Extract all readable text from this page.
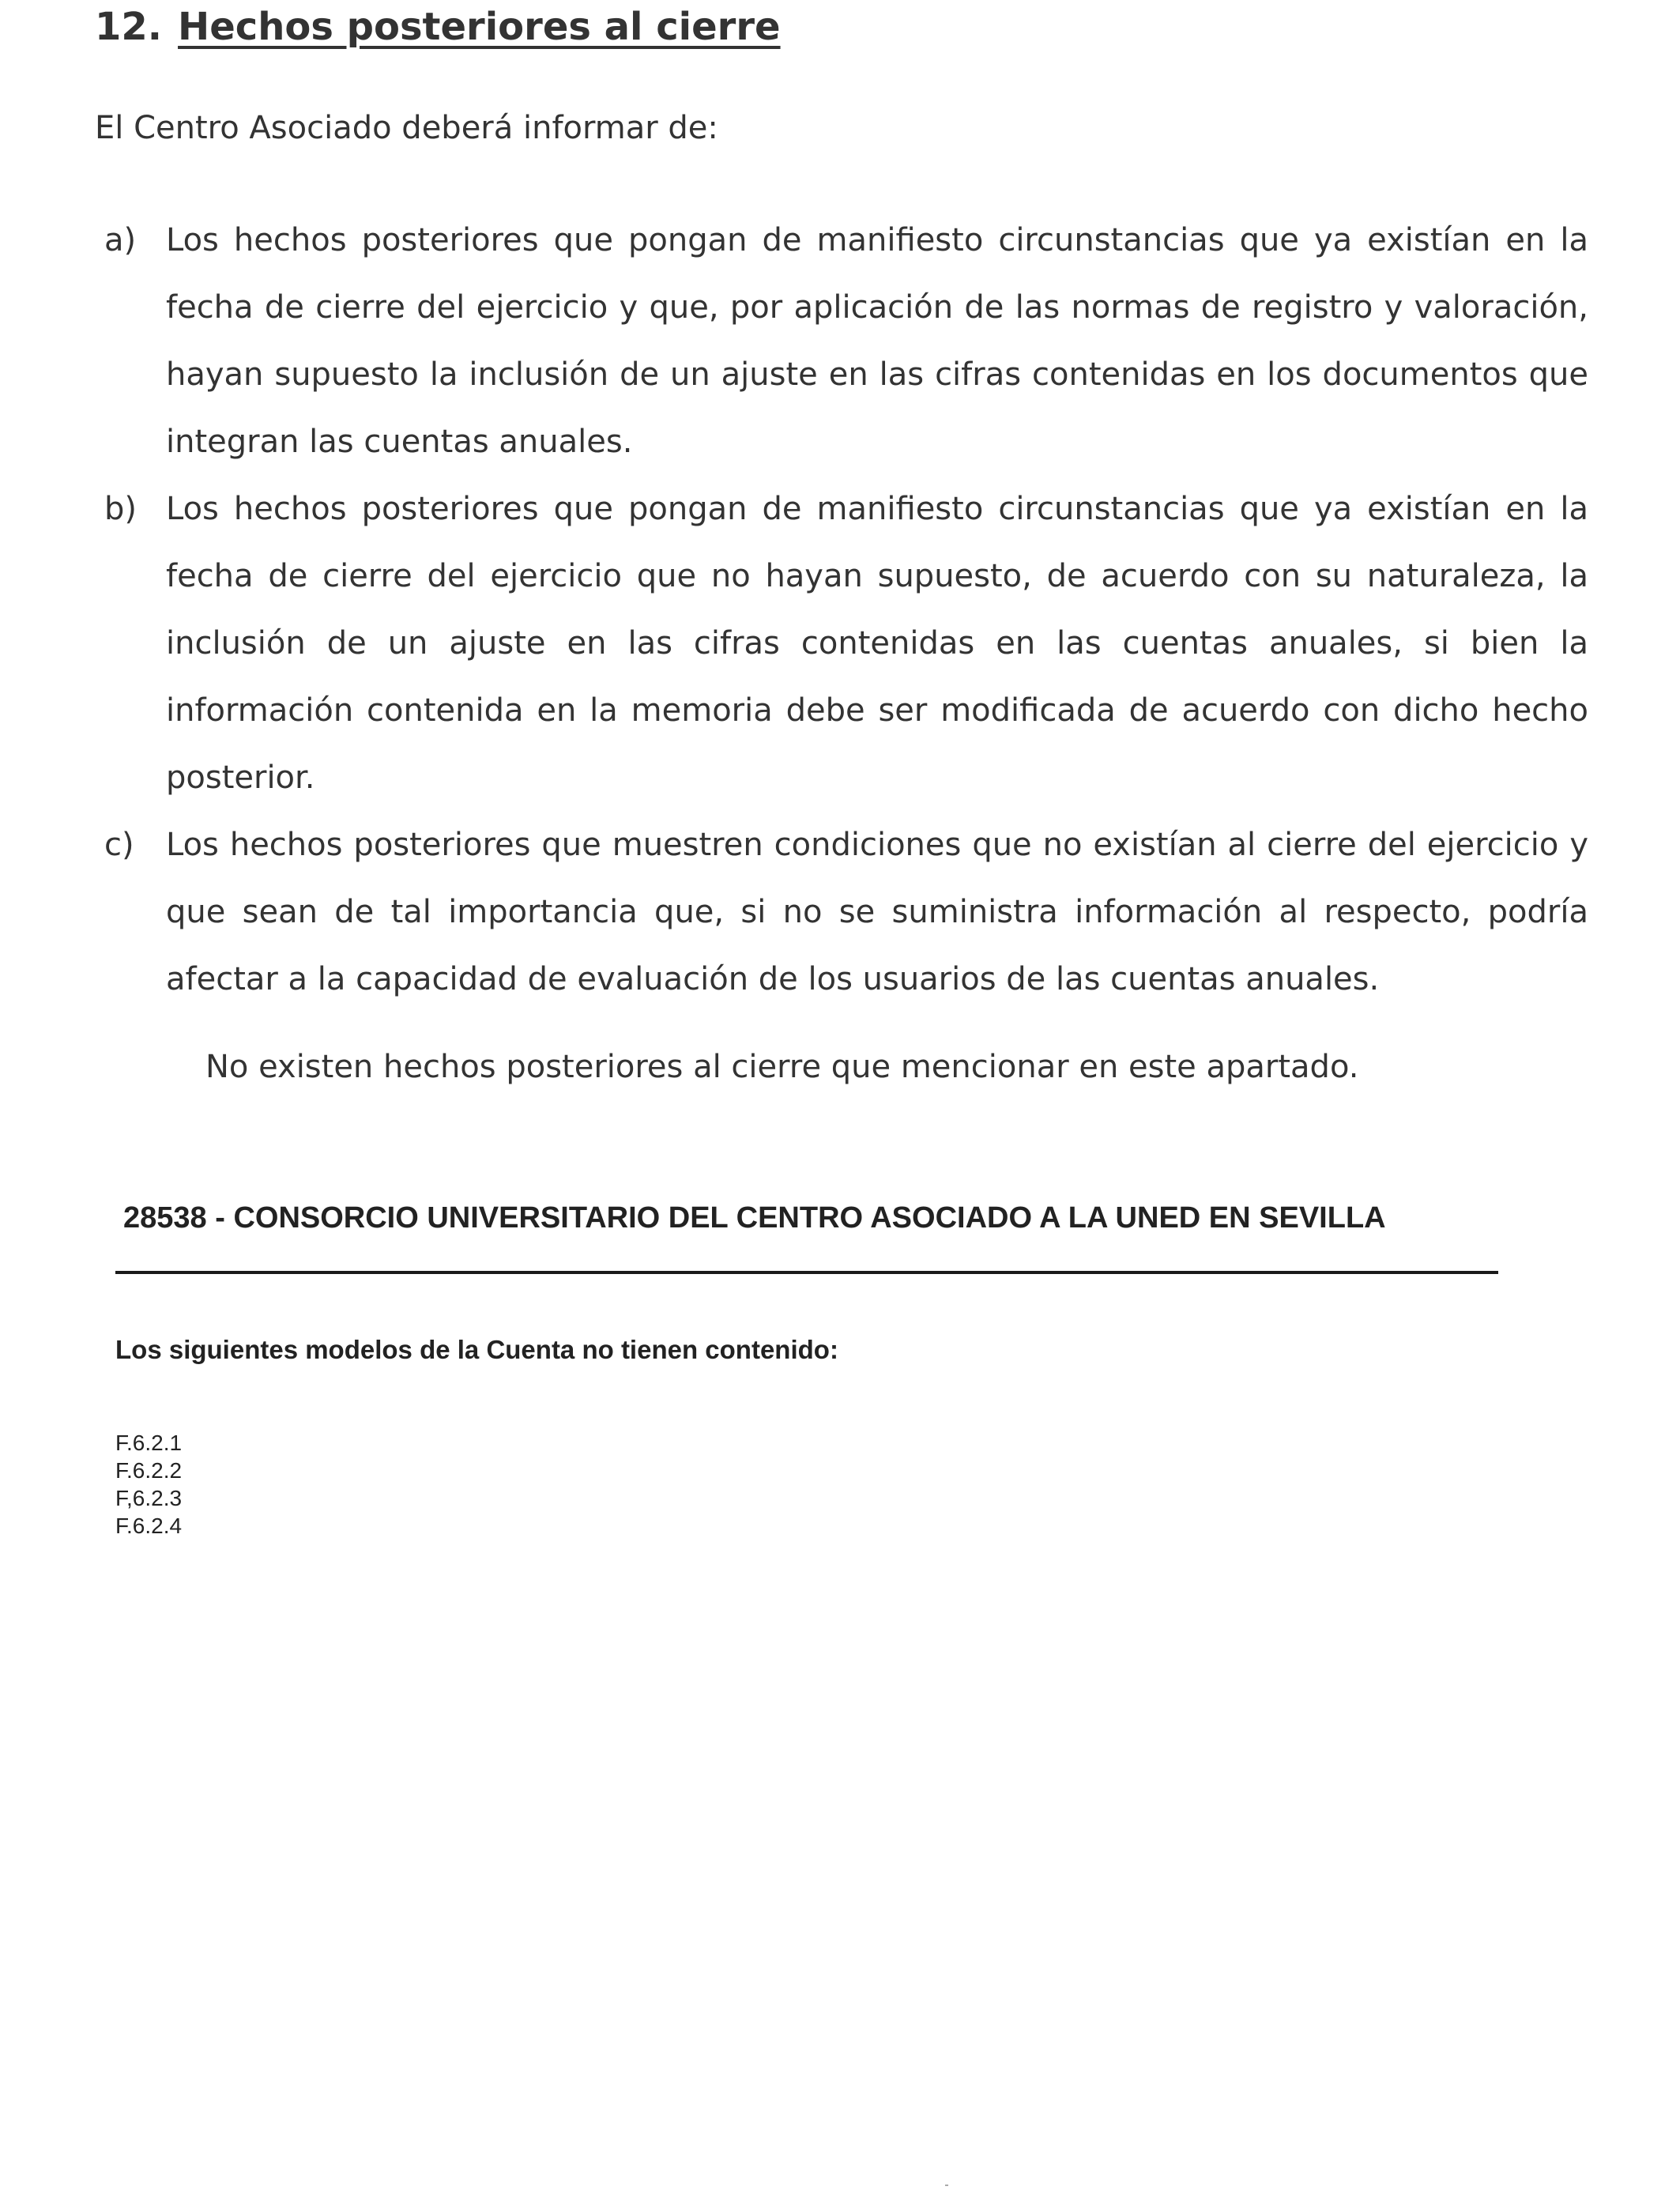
12. Hechos posteriores al cierre
El Centro Asociado deberá informar de:
a) Los hechos posteriores que pongan de manifiesto circunstancias que ya existían en la fecha de cierre del ejercicio y que, por aplicación de las normas de registro y valoración, hayan supuesto la inclusión de un ajuste en las cifras contenidas en los documentos que integran las cuentas anuales.
b) Los hechos posteriores que pongan de manifiesto circunstancias que ya existían en la fecha de cierre del ejercicio que no hayan supuesto, de acuerdo con su naturaleza, la inclusión de un ajuste en las cifras contenidas en las cuentas anuales, si bien la información contenida en la memoria debe ser modificada de acuerdo con dicho hecho posterior.
c)	Los hechos posteriores que muestren condiciones que no existían al cierre del ejercicio y que sean de tal importancia que, si no se suministra información al respecto, podría afectar a la capacidad de evaluación de los usuarios de las cuentas anuales.
No existen hechos posteriores al cierre que mencionar en este apartado.
28538 - CONSORCIO UNIVERSITARIO DEL CENTRO ASOCIADO A LA UNED EN SEVILLA
Los siguientes modelos de la Cuenta no tienen contenido:
F.6.2.1
F.6.2.2
F,6.2.3
F.6.2.4
